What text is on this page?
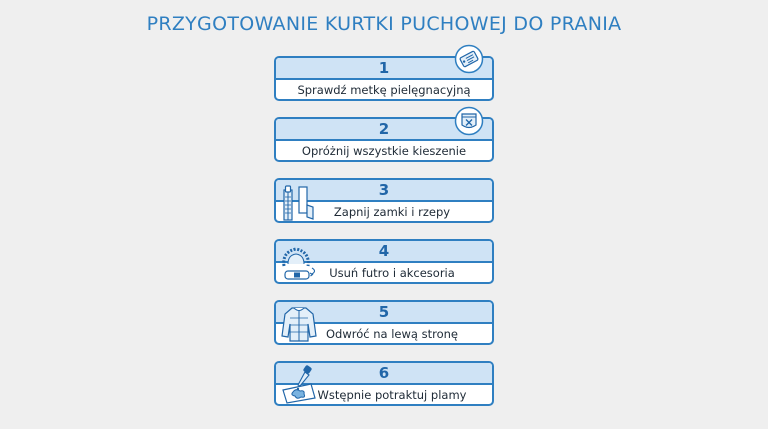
PRZYGOTOWANIE KURTKI PUCHOWEJ DO PRANIA
1
Sprawdź metkę pielęgnacyjną
2
Opróżnij wszystkie kieszenie
3
Zapnij zamki i rzepy
4
Usuń futro i akcesoria
5
Odwróć na lewą stronę
6
Wstępnie potraktuj plamy
